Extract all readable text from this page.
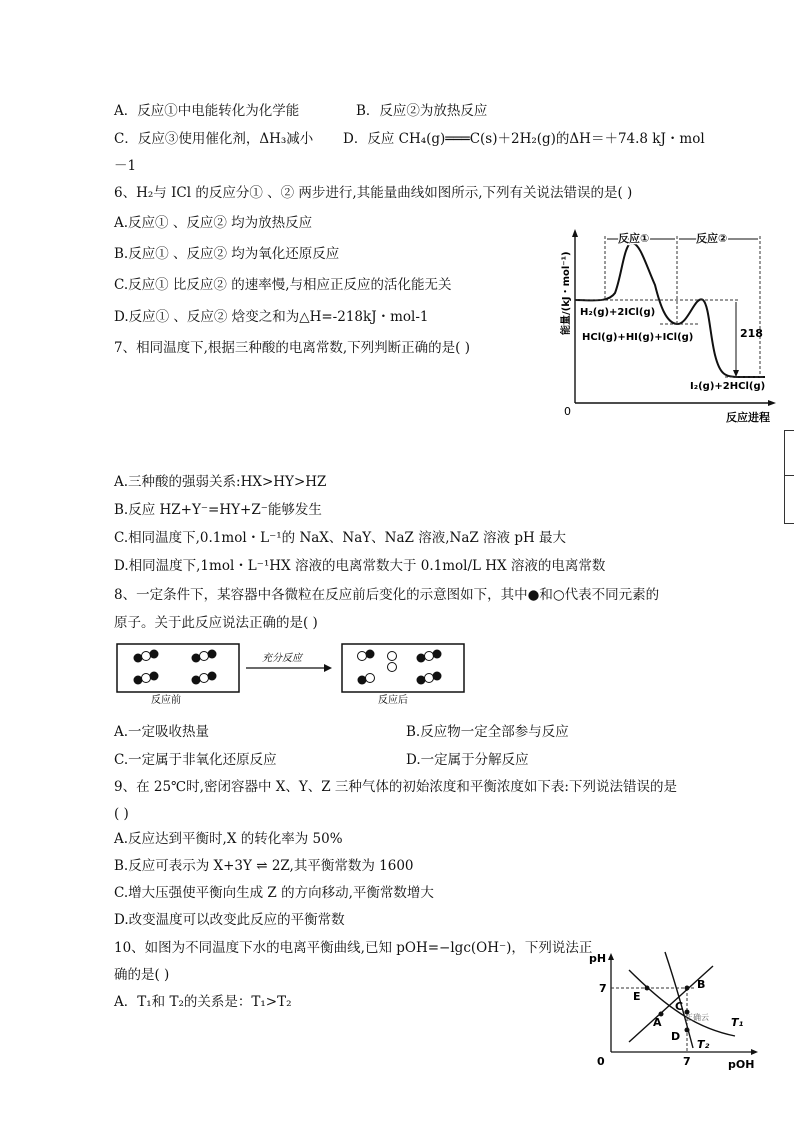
A．反应①中电能转化为化学能	B．反应②为放热反应
C．反应③使用催化剂，ΔH₃减小 D．反应 CH₄(g)═══C(s)＋2H₂(g)的ΔH＝＋74.8 kJ・mol
－1
6、H₂与 ICl 的反应分① 、② 两步进行,其能量曲线如图所示,下列有关说法错误的是( )
A.反应① 、反应② 均为放热反应
B.反应① 、反应② 均为氧化还原反应
C.反应① 比反应② 的速率慢,与相应正反应的活化能无关
D.反应① 、反应② 焓变之和为△H=-218kJ・mol-1
0	反应进程
能量/(kJ・mol⁻¹)
反应①	反应②
H₂(g)+2ICl(g)
HCl(g)+HI(g)+ICl(g)
I₂(g)+2HCl(g)
218
7、相同温度下,根据三种酸的电离常数,下列判断正确的是( )
A.三种酸的强弱关系:HX>HY>HZ
B.反应 HZ+Y⁻=HY+Z⁻能够发生
C.相同温度下,0.1mol・L⁻¹的 NaX、NaY、NaZ 溶液,NaZ 溶液 pH 最大
D.相同温度下,1mol・L⁻¹HX 溶液的电离常数大于 0.1mol/L HX 溶液的电离常数
8、一定条件下，某容器中各微粒在反应前后变化的示意图如下，其中●和○代表不同元素的
原子。关于此反应说法正确的是( )
反应前
充分反应
反应后
A.一定吸收热量	B.反应物一定全部参与反应
C.一定属于非氧化还原反应	D.一定属于分解反应
9、在 25℃时,密闭容器中 X、Y、Z 三种气体的初始浓度和平衡浓度如下表:下列说法错误的是
( )
A.反应达到平衡时,X 的转化率为 50%
B.反应可表示为 X+3Y ⇌ 2Z,其平衡常数为 1600
C.增大压强使平衡向生成 Z 的方向移动,平衡常数增大
D.改变温度可以改变此反应的平衡常数
10、如图为不同温度下水的电离平衡曲线,已知 pOH=−lgc(OH⁻)，下列说法正
确的是( )
A．T₁和 T₂的关系是：T₁>T₂
pH
pOH
0
7
7
B
E
A
C
D
T₁
T₂
正确云
